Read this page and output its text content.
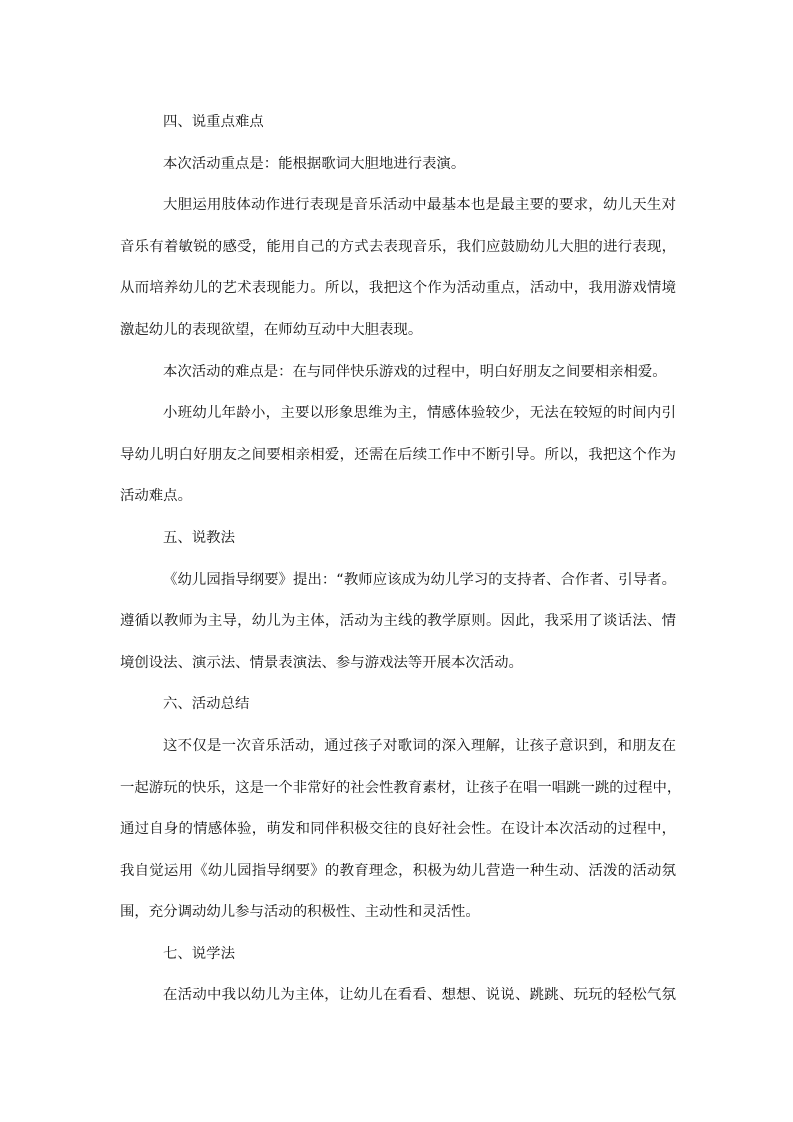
四、说重点难点
本次活动重点是：能根据歌词大胆地进行表演。
大胆运用肢体动作进行表现是音乐活动中最基本也是最主要的要求，幼儿天生对
音乐有着敏锐的感受，能用自己的方式去表现音乐，我们应鼓励幼儿大胆的进行表现，
从而培养幼儿的艺术表现能力。所以，我把这个作为活动重点，活动中，我用游戏情境
激起幼儿的表现欲望，在师幼互动中大胆表现。
本次活动的难点是：在与同伴快乐游戏的过程中，明白好朋友之间要相亲相爱。
小班幼儿年龄小，主要以形象思维为主，情感体验较少，无法在较短的时间内引
导幼儿明白好朋友之间要相亲相爱，还需在后续工作中不断引导。所以，我把这个作为
活动难点。
五、说教法
《幼儿园指导纲要》提出：“教师应该成为幼儿学习的支持者、合作者、引导者。
遵循以教师为主导，幼儿为主体，活动为主线的教学原则。因此，我采用了谈话法、情
境创设法、演示法、情景表演法、参与游戏法等开展本次活动。
六、活动总结
这不仅是一次音乐活动，通过孩子对歌词的深入理解，让孩子意识到，和朋友在
一起游玩的快乐，这是一个非常好的社会性教育素材，让孩子在唱一唱跳一跳的过程中，
通过自身的情感体验，萌发和同伴积极交往的良好社会性。在设计本次活动的过程中，
我自觉运用《幼儿园指导纲要》的教育理念，积极为幼儿营造一种生动、活泼的活动氛
围，充分调动幼儿参与活动的积极性、主动性和灵活性。
七、说学法
在活动中我以幼儿为主体，让幼儿在看看、想想、说说、跳跳、玩玩的轻松气氛
